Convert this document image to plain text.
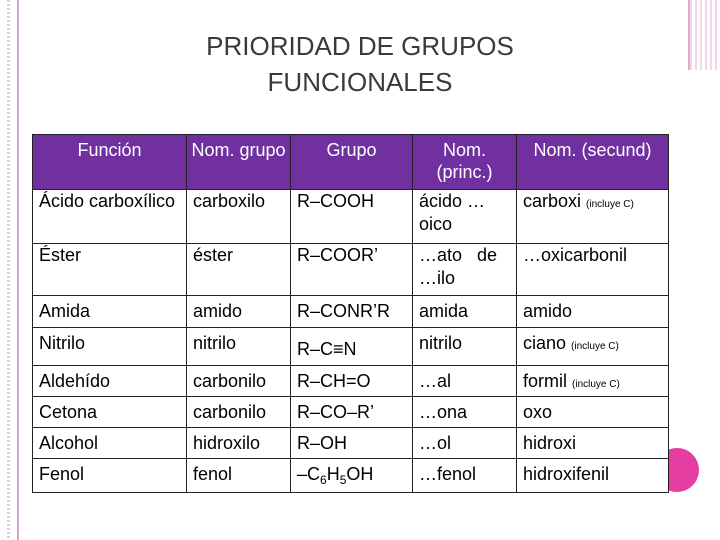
PRIORIDAD DE GRUPOS
FUNCIONALES
Función	Nom. grupo	Grupo	Nom. (princ.)	Nom. (secund)
Ácido carboxílico	carboxilo	R–COOH	ácido …oico	carboxi (incluye C)
Éster	éster	R–COOR’	…ato de …ilo	…oxicarbonil
Amida	amido	R–CONR’R	amida	amido
Nitrilo	nitrilo	R–C≡N	nitrilo	ciano (incluye C)
Aldehído	carbonilo	R–CH=O	…al	formil (incluye C)
Cetona	carbonilo	R–CO–R’	…ona	oxo
Alcohol	hidroxilo	R–OH	…ol	hidroxi
Fenol	fenol	$-C_6H_5OH$	…fenol	hidroxifenil
